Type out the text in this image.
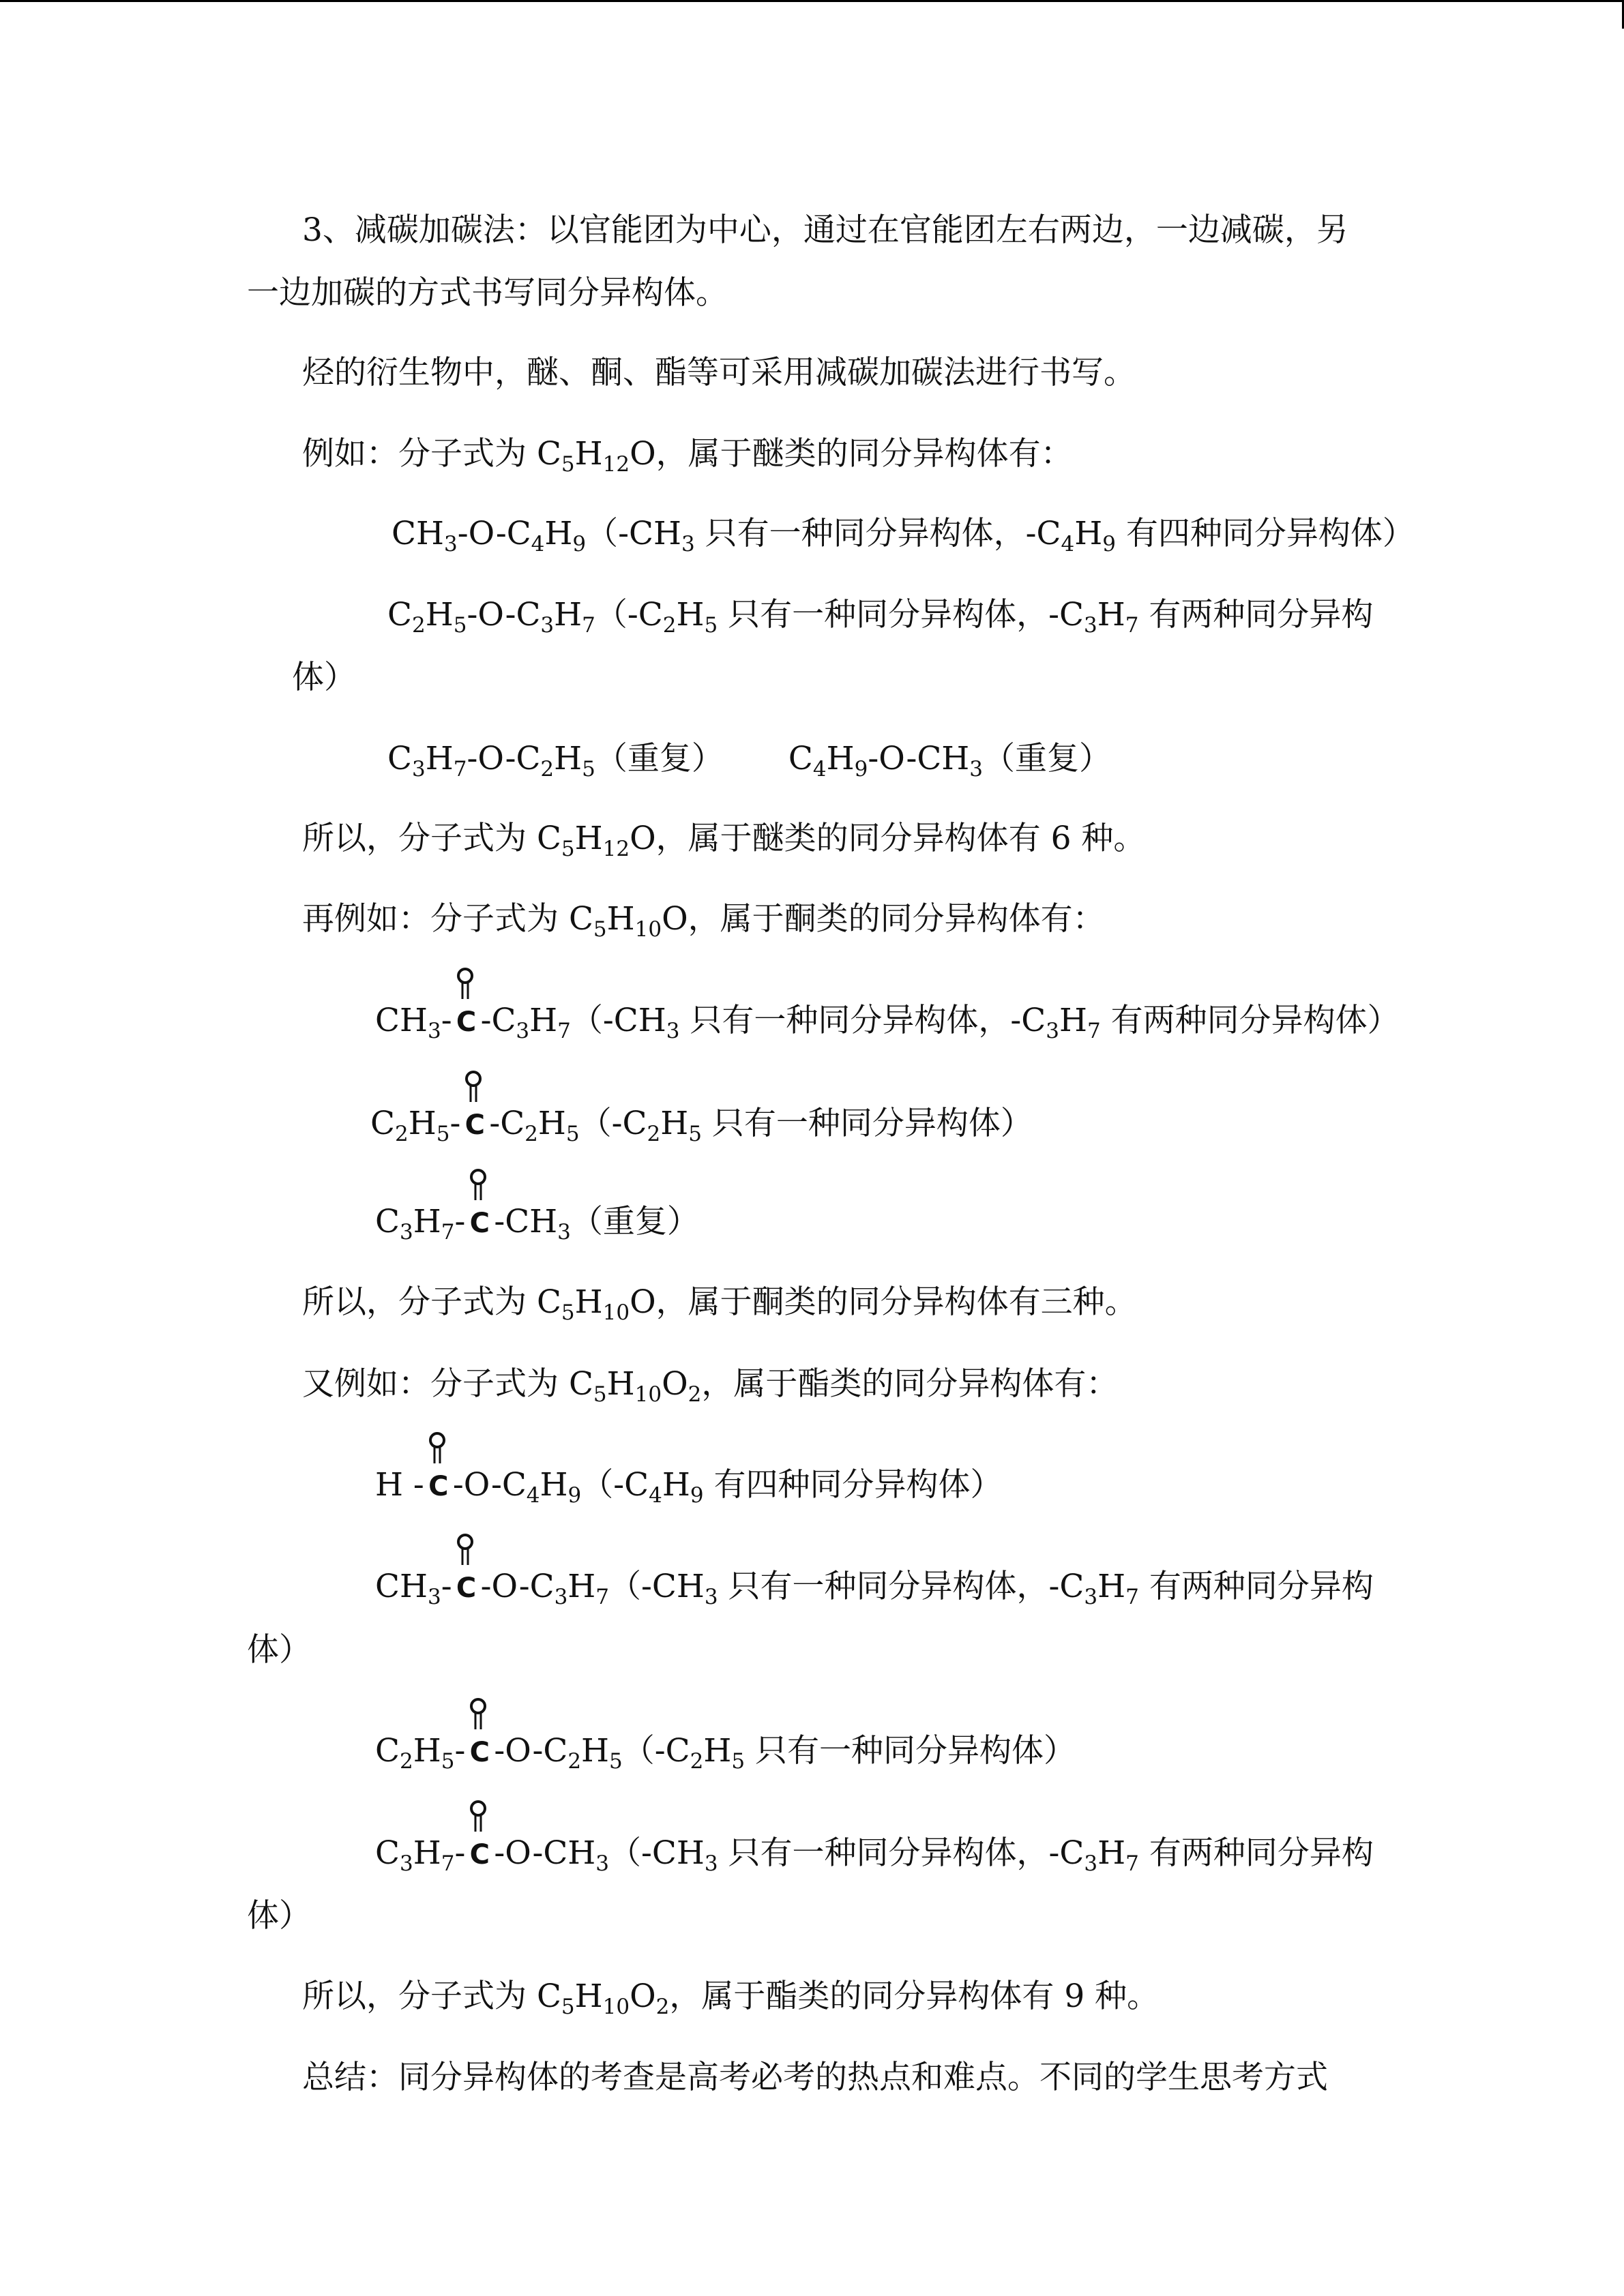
3、减碳加碳法：以官能团为中心，通过在官能团左右两边，一边减碳，另
一边加碳的方式书写同分异构体。
烃的衍生物中，醚、酮、酯等可采用减碳加碳法进行书写。
例如：分子式为 $C_5H_{12}O$，属于醚类的同分异构体有：
$CH_3-O-C_4H_9(-CH_3$ 只有一种同分异构体，$-C_4H_9$ 有四种同分异构体）
$C_2H_5-O-C_3H_7(-C_2H_5$ 只有一种同分异构体，$-C_3H_7$ 有两种同分异构
体）
$C_3H_7-O-C_2H_5$（重复） $C_4H_9-O-CH_3$（重复）
所以，分子式为 $C_5H_{12}O$，属于醚类的同分异构体有 6 种。
再例如：分子式为 $C_5H_{10}O$，属于酮类的同分异构体有：
$CH_3-$ C $-C_3H_7(-CH_3$ 只有一种同分异构体，$-C_3H_7$ 有两种同分异构体）
$C_2H_5-$ C $-C_2H_5(-C_2H_5$ 只有一种同分异构体）
$C_3H_7-$ C $-CH_3$（重复）
所以，分子式为 $C_5H_{10}O$，属于酮类的同分异构体有三种。
又例如：分子式为 $C_5H_{10}O_2$，属于酯类的同分异构体有：
H - C $-O-C_4H_9(-C_4H_9$ 有四种同分异构体）
$CH_3-$ C $-O-C_3H_7(-CH_3$ 只有一种同分异构体，$-C_3H_7$ 有两种同分异构
体）
$C_2H_5-$ C $-O-C_2H_5(-C_2H_5$ 只有一种同分异构体）
$C_3H_7-$ C $-O-CH_3(-CH_3$ 只有一种同分异构体，$-C_3H_7$ 有两种同分异构
体）
所以，分子式为 $C_5H_{10}O_2$，属于酯类的同分异构体有 9 种。
总结：同分异构体的考查是高考必考的热点和难点。不同的学生思考方式
